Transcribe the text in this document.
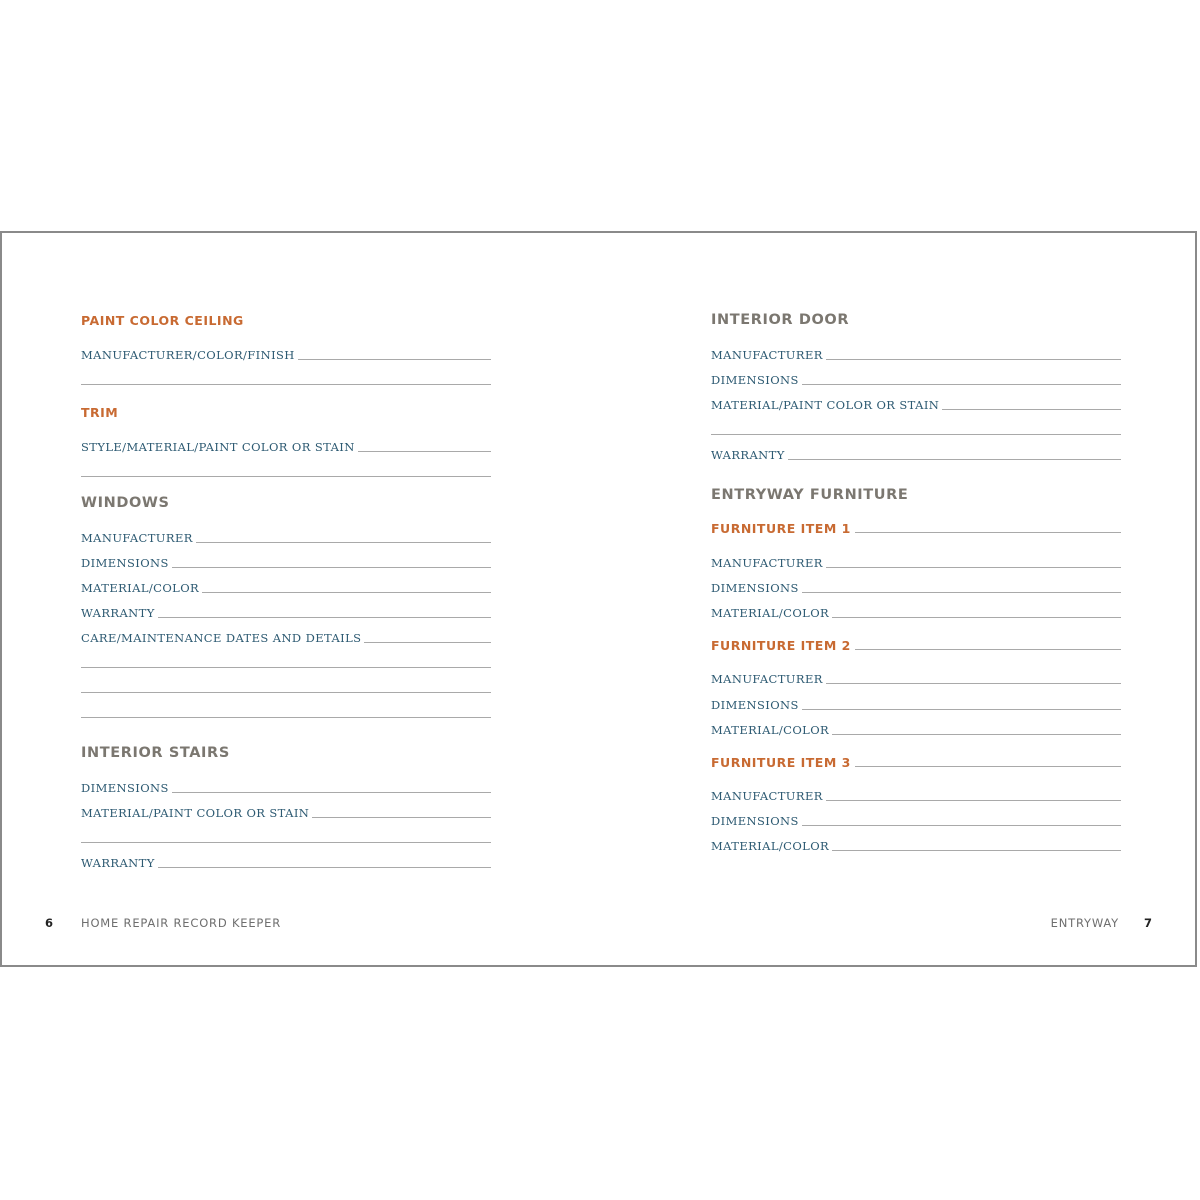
PAINT COLOR CEILING
MANUFACTURER/COLOR/FINISH
TRIM
STYLE/MATERIAL/PAINT COLOR OR STAIN
WINDOWS
MANUFACTURER
DIMENSIONS
MATERIAL/COLOR
WARRANTY
CARE/MAINTENANCE DATES AND DETAILS
INTERIOR STAIRS
DIMENSIONS
MATERIAL/PAINT COLOR OR STAIN
WARRANTY
INTERIOR DOOR
MANUFACTURER
DIMENSIONS
MATERIAL/PAINT COLOR OR STAIN
WARRANTY
ENTRYWAY FURNITURE
FURNITURE ITEM 1
MANUFACTURER
DIMENSIONS
MATERIAL/COLOR
FURNITURE ITEM 2
MANUFACTURER
DIMENSIONS
MATERIAL/COLOR
FURNITURE ITEM 3
MANUFACTURER
DIMENSIONS
MATERIAL/COLOR
6 HOME REPAIR RECORD KEEPER	ENTRYWAY 7
